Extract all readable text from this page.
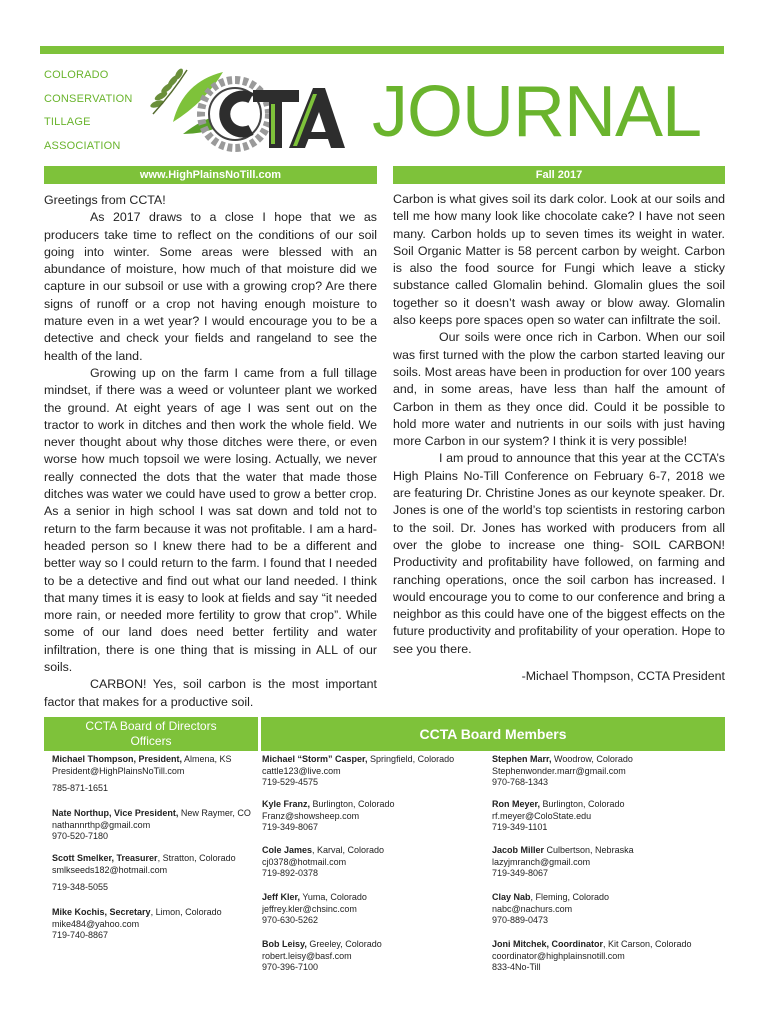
COLORADO
CONSERVATION
TILLAGE
ASSOCIATION	JOURNAL
www.HighPlainsNoTill.com	Fall 2017

Greetings from CCTA!

As 2017 draws to a close I hope that we as producers take time to reflect on the conditions of our soil going into winter. Some areas were blessed with an abundance of moisture, how much of that moisture did we capture in our subsoil or use with a growing crop? Are there signs of runoff or a crop not having enough moisture to mature even in a wet year? I would encourage you to be a detective and check your fields and rangeland to see the health of the land.

Growing up on the farm I came from a full tillage mindset, if there was a weed or volunteer plant we worked the ground. At eight years of age I was sent out on the tractor to work in ditches and then work the whole field. We never thought about why those ditches were there, or even worse how much topsoil we were losing. Actually, we never really connected the dots that the water that made those ditches was water we could have used to grow a better crop. As a senior in high school I was sat down and told not to return to the farm because it was not profitable. I am a hard-headed person so I knew there had to be a different and better way so I could return to the farm. I found that I needed to be a detective and find out what our land needed. I think that many times it is easy to look at fields and say “it needed more rain, or needed more fertility to grow that crop”. While some of our land does need better fertility and water infiltration, there is one thing that is missing in ALL of our soils.

CARBON! Yes, soil carbon is the most important factor that makes for a productive soil.

Carbon is what gives soil its dark color. Look at our soils and tell me how many look like chocolate cake? I have not seen many. Carbon holds up to seven times its weight in water. Soil Organic Matter is 58 percent carbon by weight. Carbon is also the food source for Fungi which leave a sticky substance called Glomalin behind. Glomalin glues the soil together so it doesn’t wash away or blow away. Glomalin also keeps pore spaces open so water can infiltrate the soil.

Our soils were once rich in Carbon. When our soil was first turned with the plow the carbon started leaving our soils. Most areas have been in production for over 100 years and, in some areas, have less than half the amount of Carbon in them as they once did. Could it be possible to hold more water and nutrients in our soils with just having more Carbon in our system? I think it is very possible!

I am proud to announce that this year at the CCTA’s High Plains No-Till Conference on February 6-7, 2018 we are featuring Dr. Christine Jones as our keynote speaker. Dr. Jones is one of the world’s top scientists in restoring carbon to the soil. Dr. Jones has worked with producers from all over the globe to increase one thing- SOIL CARBON! Productivity and profitability have followed, on farming and ranching operations, once the soil carbon has increased. I would encourage you to come to our conference and bring a neighbor as this could have one of the biggest effects on the future productivity and profitability of your operation. Hope to see you there.

-Michael Thompson, CCTA President

CCTA Board of Directors
Officers	CCTA Board Members
Michael Thompson, President, Almena, KS
President@HighPlainsNoTill.com
785-871-1651
Nate Northup, Vice President, New Raymer, CO
nathannrthp@gmail.com
970-520-7180
Scott Smelker, Treasurer, Stratton, Colorado
smlkseeds182@hotmail.com
719-348-5055
Mike Kochis, Secretary, Limon, Colorado
mike484@yahoo.com
719-740-8867
Michael “Storm” Casper, Springfield, Colorado
cattle123@live.com
719-529-4575
Kyle Franz, Burlington, Colorado
Franz@showsheep.com
719-349-8067
Cole James, Karval, Colorado
cj0378@hotmail.com
719-892-0378
Jeff Kler, Yuma, Colorado
jeffrey.kler@chsinc.com
970-630-5262
Bob Leisy, Greeley, Colorado
robert.leisy@basf.com
970-396-7100
Stephen Marr, Woodrow, Colorado
Stephenwonder.marr@gmail.com
970-768-1343
Ron Meyer, Burlington, Colorado
rf.meyer@ColoState.edu
719-349-1101
Jacob Miller Culbertson, Nebraska
lazyjmranch@gmail.com
719-349-8067
Clay Nab, Fleming, Colorado
nabc@nachurs.com
970-889-0473
Joni Mitchek, Coordinator, Kit Carson, Colorado
coordinator@highplainsnotill.com
833-4No-Till
